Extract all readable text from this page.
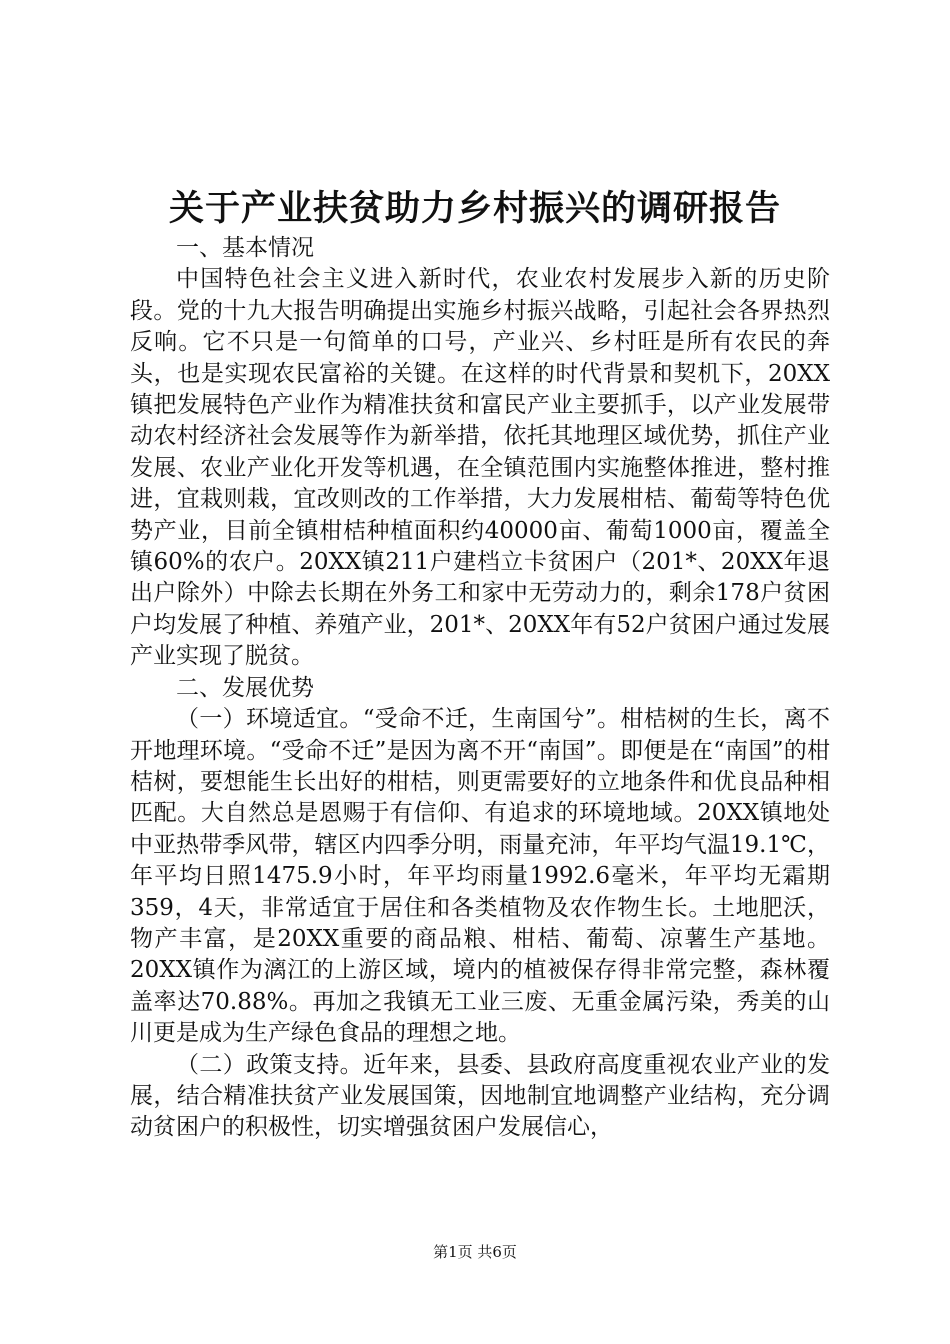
关于产业扶贫助力乡村振兴的调研报告

一、基本情况

中国特色社会主义进入新时代，农业农村发展步入新的历史阶段。党的十九大报告明确提出实施乡村振兴战略，引起社会各界热烈反响。它不只是一句简单的口号，产业兴、乡村旺是所有农民的奔头，也是实现农民富裕的关键。在这样的时代背景和契机下，20XX镇把发展特色产业作为精准扶贫和富民产业主要抓手，以产业发展带动农村经济社会发展等作为新举措，依托其地理区域优势，抓住产业发展、农业产业化开发等机遇，在全镇范围内实施整体推进，整村推进，宜栽则栽，宜改则改的工作举措，大力发展柑桔、葡萄等特色优势产业，目前全镇柑桔种植面积约40000亩、葡萄1000亩，覆盖全镇60%的农户。20XX镇211户建档立卡贫困户（201*、20XX年退出户除外）中除去长期在外务工和家中无劳动力的，剩余178户贫困户均发展了种植、养殖产业，201*、20XX年有52户贫困户通过发展产业实现了脱贫。

二、发展优势

（一）环境适宜。“受命不迁，生南国兮”。柑桔树的生长，离不开地理环境。“受命不迁”是因为离不开“南国”。即便是在“南国”的柑桔树，要想能生长出好的柑桔，则更需要好的立地条件和优良品种相匹配。大自然总是恩赐于有信仰、有追求的环境地域。20XX镇地处中亚热带季风带，辖区内四季分明，雨量充沛，年平均气温19.1℃，年平均日照1475.9小时，年平均雨量1992.6毫米，年平均无霜期359，4天，非常适宜于居住和各类植物及农作物生长。土地肥沃，物产丰富，是20XX重要的商品粮、柑桔、葡萄、凉薯生产基地。20XX镇作为漓江的上游区域，境内的植被保存得非常完整，森林覆盖率达70.88%。再加之我镇无工业三废、无重金属污染，秀美的山川更是成为生产绿色食品的理想之地。

（二）政策支持。近年来，县委、县政府高度重视农业产业的发展，结合精准扶贫产业发展国策，因地制宜地调整产业结构，充分调动贫困户的积极性，切实增强贫困户发展信心，

第1页 共6页
